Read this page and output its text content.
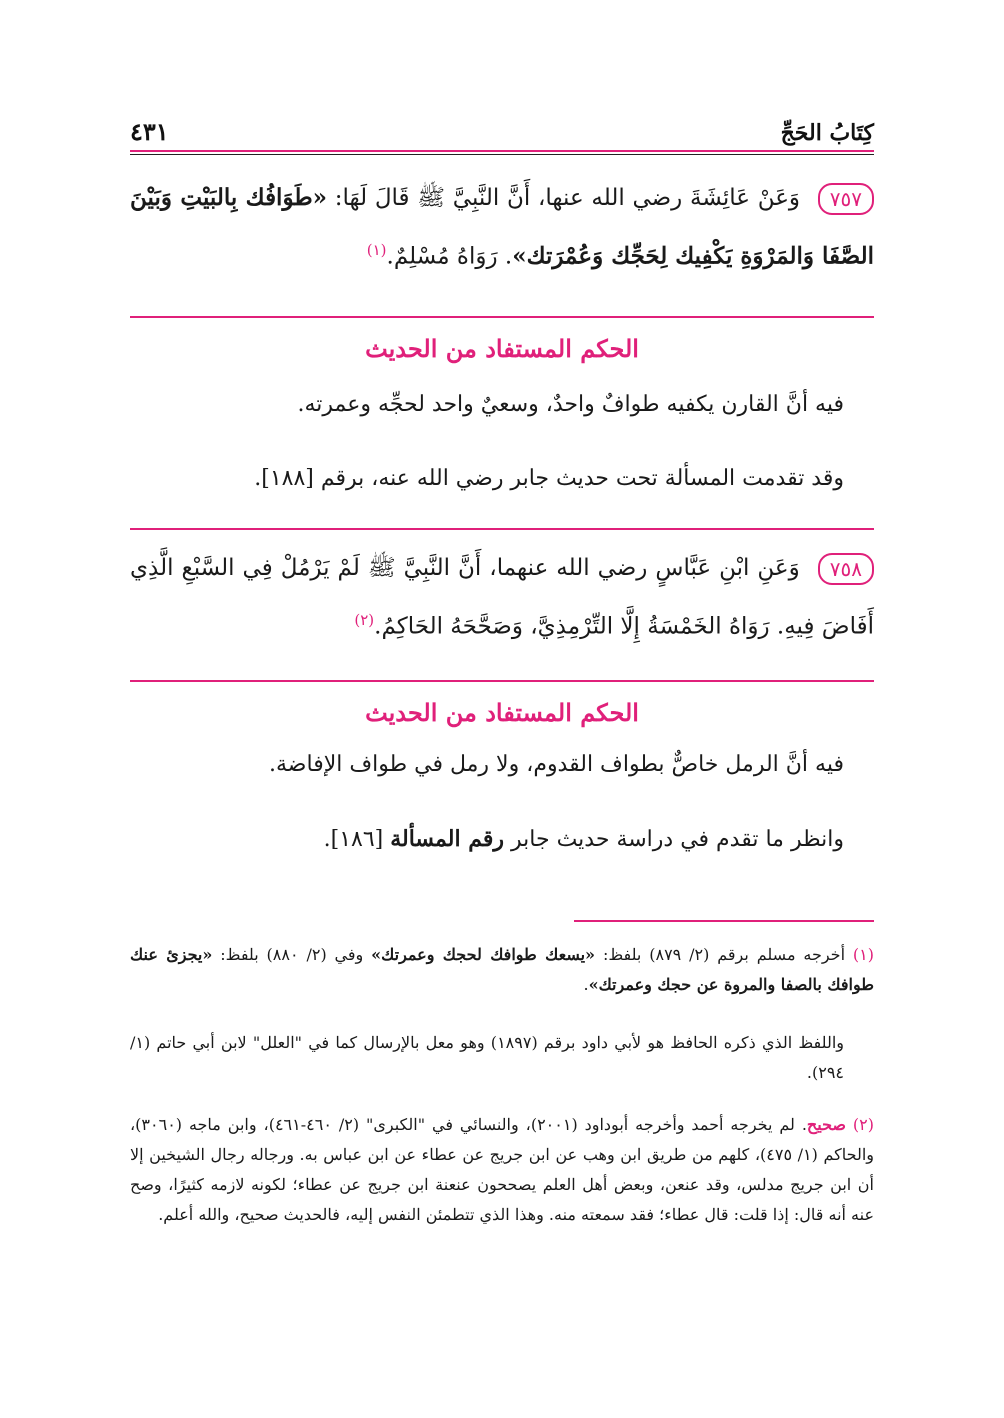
كِتَابُ الحَجِّ
٤٣١
٧٥٧ وَعَنْ عَائِشَةَ رضي الله عنها، أَنَّ النَّبِيَّ ﷺ قَالَ لَهَا: «طَوَافُك بِالبَيْتِ وَبَيْنَ الصَّفَا وَالمَرْوَةِ يَكْفِيك لِحَجِّك وَعُمْرَتك». رَوَاهُ مُسْلِمٌ.$^{(١)}$
الحكم المستفاد من الحديث
فيه أنَّ القارن يكفيه طوافٌ واحدٌ، وسعيٌ واحد لحجِّه وعمرته.
وقد تقدمت المسألة تحت حديث جابر رضي الله عنه، برقم [١٨٨].
٧٥٨ وَعَنِ ابْنِ عَبَّاسٍ رضي الله عنهما، أَنَّ النَّبِيَّ ﷺ لَمْ يَرْمُلْ فِي السَّبْعِ الَّذِي أَفَاضَ فِيهِ. رَوَاهُ الخَمْسَةُ إِلَّا التِّرْمِذِيَّ، وَصَحَّحَهُ الحَاكِمُ.$^{(٢)}$
الحكم المستفاد من الحديث
فيه أنَّ الرمل خاصٌّ بطواف القدوم، ولا رمل في طواف الإفاضة.
وانظر ما تقدم في دراسة حديث جابر رقم المسألة [١٨٦].
(١) أخرجه مسلم برقم (٢/ ٨٧٩) بلفظ: «يسعك طوافك لحجك وعمرتك» وفي (٢/ ٨٨٠) بلفظ: «يجزئ عنك طوافك بالصفا والمروة عن حجك وعمرتك».
واللفظ الذي ذكره الحافظ هو لأبي داود برقم (١٨٩٧) وهو معل بالإرسال كما في "العلل" لابن أبي حاتم (١/ ٢٩٤).
(٢) صحيح. لم يخرجه أحمد وأخرجه أبوداود (٢٠٠١)، والنسائي في "الكبرى" (٢/ ٤٦٠-٤٦١)، وابن ماجه (٣٠٦٠)، والحاكم (١/ ٤٧٥)، كلهم من طريق ابن وهب عن ابن جريج عن عطاء عن ابن عباس به. ورجاله رجال الشيخين إلا أن ابن جريج مدلس، وقد عنعن، وبعض أهل العلم يصححون عنعنة ابن جريج عن عطاء؛ لكونه لازمه كثيرًا، وصح عنه أنه قال: إذا قلت: قال عطاء؛ فقد سمعته منه. وهذا الذي تتطمئن النفس إليه، فالحديث صحيح، والله أعلم.
